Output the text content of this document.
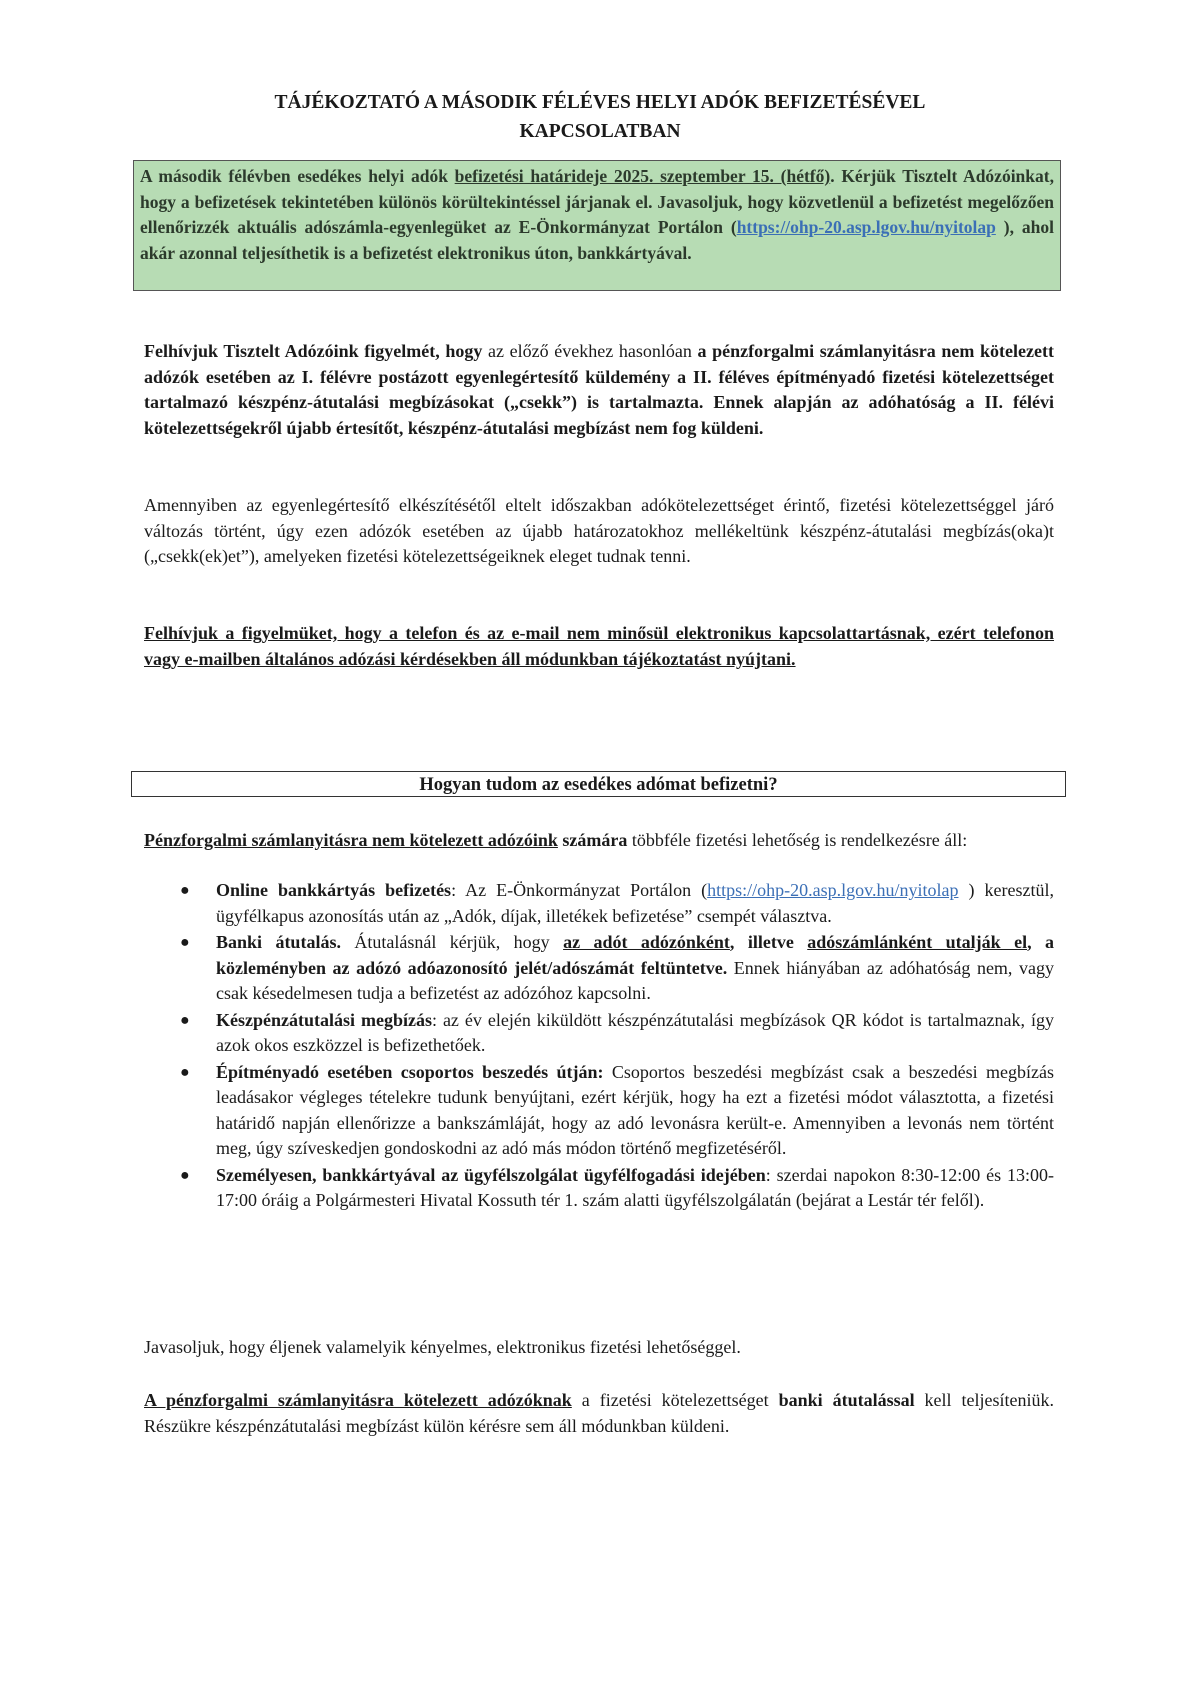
TÁJÉKOZTATÓ A MÁSODIK FÉLÉVES HELYI ADÓK BEFIZETÉSÉVEL
KAPCSOLATBAN
A második félévben esedékes helyi adók befizetési határideje 2025. szeptember 15. (hétfő). Kérjük Tisztelt Adózóinkat, hogy a befizetések tekintetében különös körültekintéssel járjanak el. Javasoljuk, hogy közvetlenül a befizetést megelőzően ellenőrizzék aktuális adószámla-egyenlegüket az E-Önkormányzat Portálon (https://ohp-20.asp.lgov.hu/nyitolap ), ahol akár azonnal teljesíthetik is a befizetést elektronikus úton, bankkártyával.
Felhívjuk Tisztelt Adózóink figyelmét, hogy az előző évekhez hasonlóan a pénzforgalmi számlanyitásra nem kötelezett adózók esetében az I. félévre postázott egyenlegértesítő küldemény a II. féléves építményadó fizetési kötelezettséget tartalmazó készpénz-átutalási megbízásokat („csekk”) is tartalmazta. Ennek alapján az adóhatóság a II. félévi kötelezettségekről újabb értesítőt, készpénz-átutalási megbízást nem fog küldeni.
Amennyiben az egyenlegértesítő elkészítésétől eltelt időszakban adókötelezettséget érintő, fizetési kötelezettséggel járó változás történt, úgy ezen adózók esetében az újabb határozatokhoz mellékeltünk készpénz-átutalási megbízás(oka)t („csekk(ek)et”), amelyeken fizetési kötelezettségeiknek eleget tudnak tenni.
Felhívjuk a figyelmüket, hogy a telefon és az e-mail nem minősül elektronikus kapcsolattartásnak, ezért telefonon vagy e-mailben általános adózási kérdésekben áll módunkban tájékoztatást nyújtani.
Hogyan tudom az esedékes adómat befizetni?
Pénzforgalmi számlanyitásra nem kötelezett adózóink számára többféle fizetési lehetőség is rendelkezésre áll:
● Online bankkártyás befizetés: Az E-Önkormányzat Portálon (https://ohp-20.asp.lgov.hu/nyitolap ) keresztül, ügyfélkapus azonosítás után az „Adók, díjak, illetékek befizetése” csempét választva.
● Banki átutalás. Átutalásnál kérjük, hogy az adót adózónként, illetve adószámlánként utalják el, a közleményben az adózó adóazonosító jelét/adószámát feltüntetve. Ennek hiányában az adóhatóság nem, vagy csak késedelmesen tudja a befizetést az adózóhoz kapcsolni.
● Készpénzátutalási megbízás: az év elején kiküldött készpénzátutalási megbízások QR kódot is tartalmaznak, így azok okos eszközzel is befizethetőek.
● Építményadó esetében csoportos beszedés útján: Csoportos beszedési megbízást csak a beszedési megbízás leadásakor végleges tételekre tudunk benyújtani, ezért kérjük, hogy ha ezt a fizetési módot választotta, a fizetési határidő napján ellenőrizze a bankszámláját, hogy az adó levonásra került-e. Amennyiben a levonás nem történt meg, úgy szíveskedjen gondoskodni az adó más módon történő megfizetéséről.
● Személyesen, bankkártyával az ügyfélszolgálat ügyfélfogadási idejében: szerdai napokon 8:30-12:00 és 13:00-17:00 óráig a Polgármesteri Hivatal Kossuth tér 1. szám alatti ügyfélszolgálatán (bejárat a Lestár tér felől).
Javasoljuk, hogy éljenek valamelyik kényelmes, elektronikus fizetési lehetőséggel.
A pénzforgalmi számlanyitásra kötelezett adózóknak a fizetési kötelezettséget banki átutalással kell teljesíteniük. Részükre készpénzátutalási megbízást külön kérésre sem áll módunkban küldeni.
